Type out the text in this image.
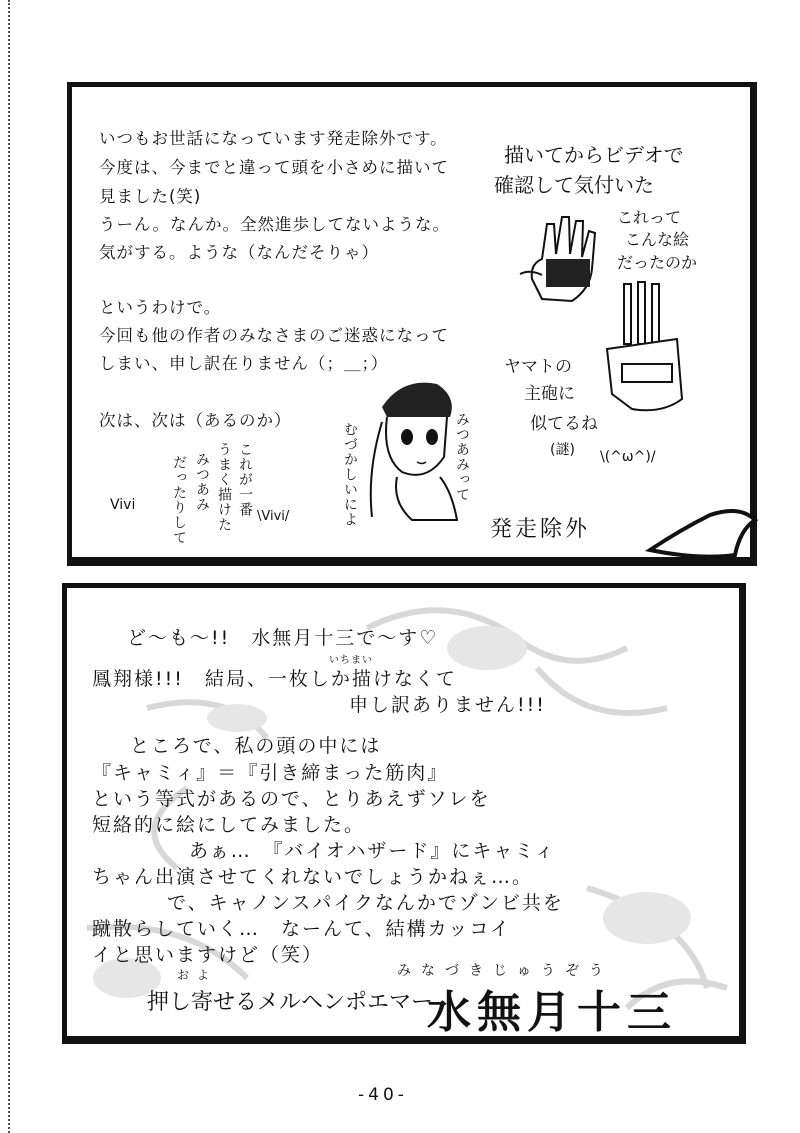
いつもお世話になっています発走除外です。
今度は、今までと違って頭を小さめに描いて
見ました(笑)
うーん。なんか。全然進歩してないような。
気がする。ような（なんだそりゃ）
というわけで。
今回も他の作者のみなさまのご迷惑になって
しまい、申し訳在りません（；＿；）
次は、次は（あるのか）
描いてからビデオで
確認して気付いた
これって
こんな絵
だったのか
ヤマトの
主砲に
似てるね
(謎) \(^ω^)/
みつあみって
むづかしいによ
これが一番
うまく描けた
みつあみ
だったりして
Vivi
\Vivi/
発走除外
ど～も～!!　水無月十三で～す♡
いちまい
鳳翔様!!!　結局、一枚しか描けなくて
申し訳ありません!!!
ところで、私の頭の中には
『キャミィ』＝『引き締まった筋肉』
という等式があるので、とりあえずソレを
短絡的に絵にしてみました。
あぁ…　『バイオハザード』にキャミィ
ちゃん出演させてくれないでしょうかねぇ…。
で、キャノンスパイクなんかでゾンビ共を
蹴散らしていく…　なーんて、結構カッコイ
イと思いますけど（笑）
およ	みなづきじゅうぞう
押し寄せるメルヘンポエマー
水無月十三
-40-
